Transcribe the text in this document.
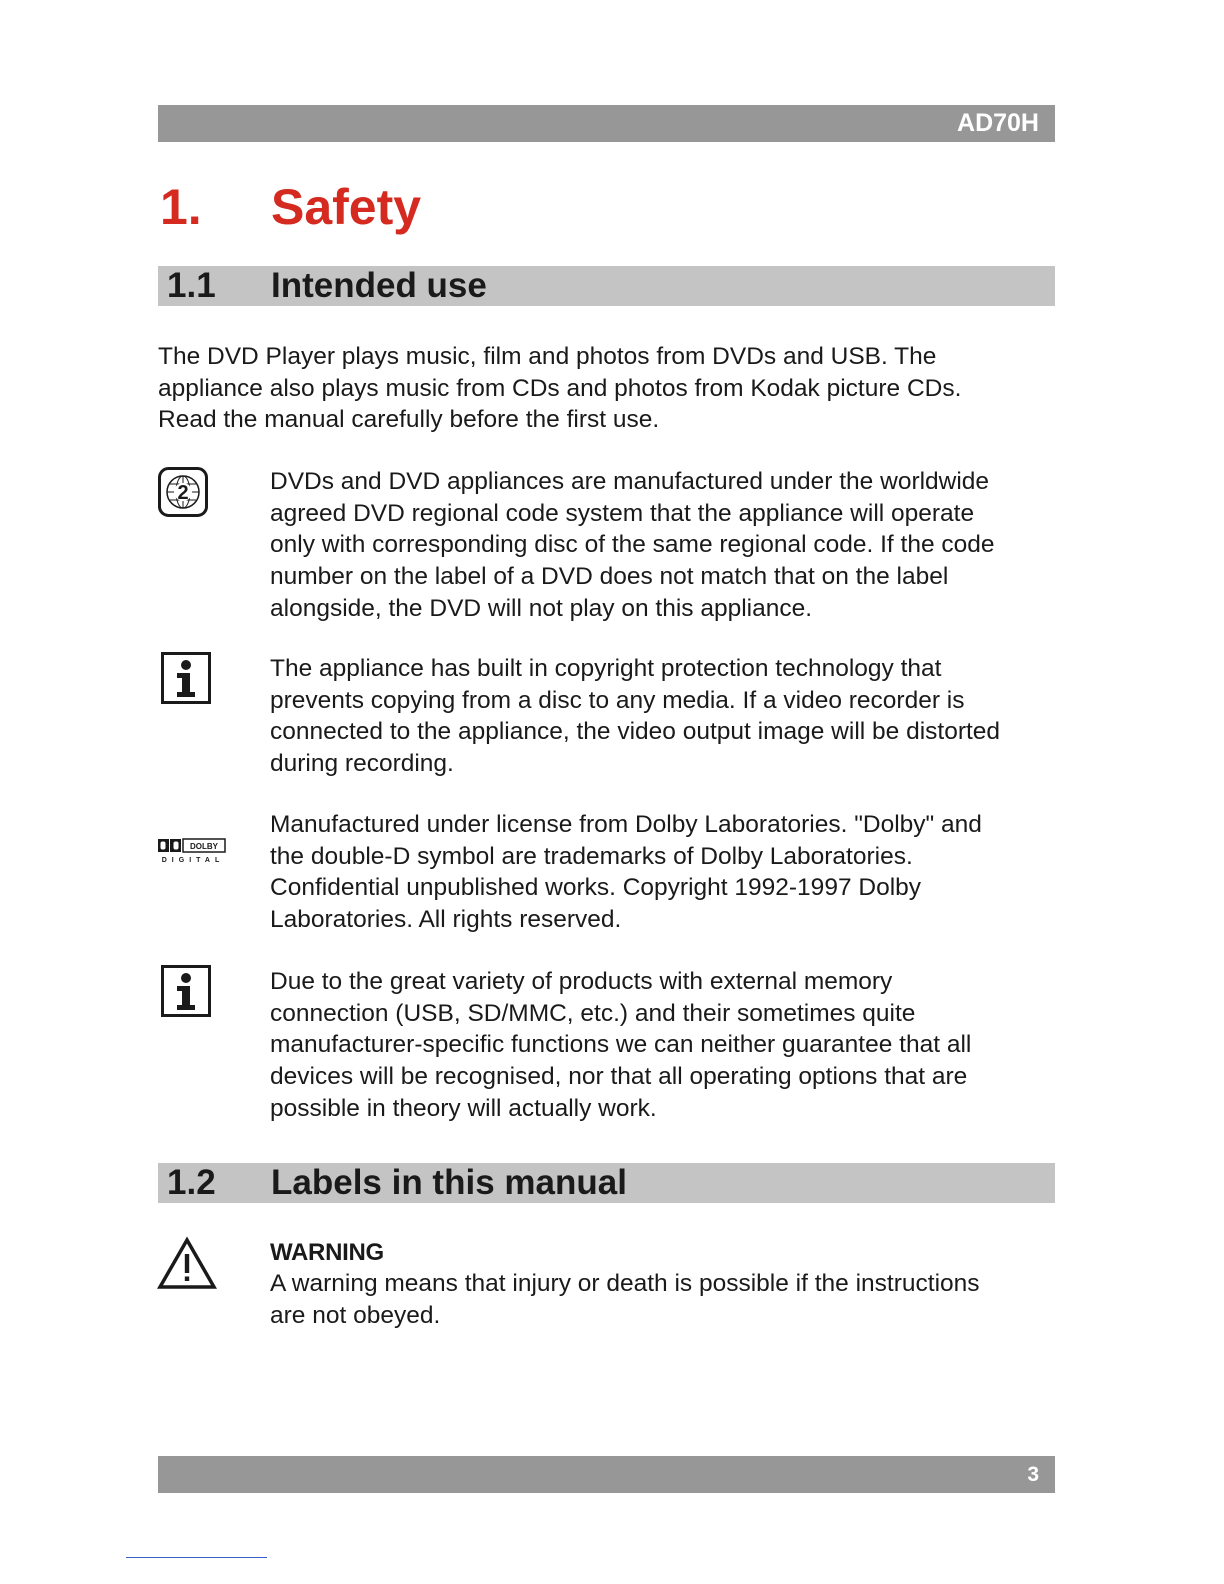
AD70H
1. Safety
1.1 Intended use
The DVD Player plays music, film and photos from DVDs and USB. The
appliance also plays music from CDs and photos from Kodak picture CDs.
Read the manual carefully before the first use.
2	DVDs and DVD appliances are manufactured under the worldwide
agreed DVD regional code system that the appliance will operate
only with corresponding disc of the same regional code. If the code
number on the label of a DVD does not match that on the label
alongside, the DVD will not play on this appliance.
The appliance has built in copyright protection technology that
prevents copying from a disc to any media. If a video recorder is
connected to the appliance, the video output image will be distorted
during recording.
DOLBY
DIGITAL
Manufactured under license from Dolby Laboratories. "Dolby" and
the double-D symbol are trademarks of Dolby Laboratories.
Confidential unpublished works. Copyright 1992-1997 Dolby
Laboratories. All rights reserved.
Due to the great variety of products with external memory
connection (USB, SD/MMC, etc.) and their sometimes quite
manufacturer-specific functions we can neither guarantee that all
devices will be recognised, nor that all operating options that are
possible in theory will actually work.
1.2 Labels in this manual
WARNING
A warning means that injury or death is possible if the instructions
are not obeyed.
3
